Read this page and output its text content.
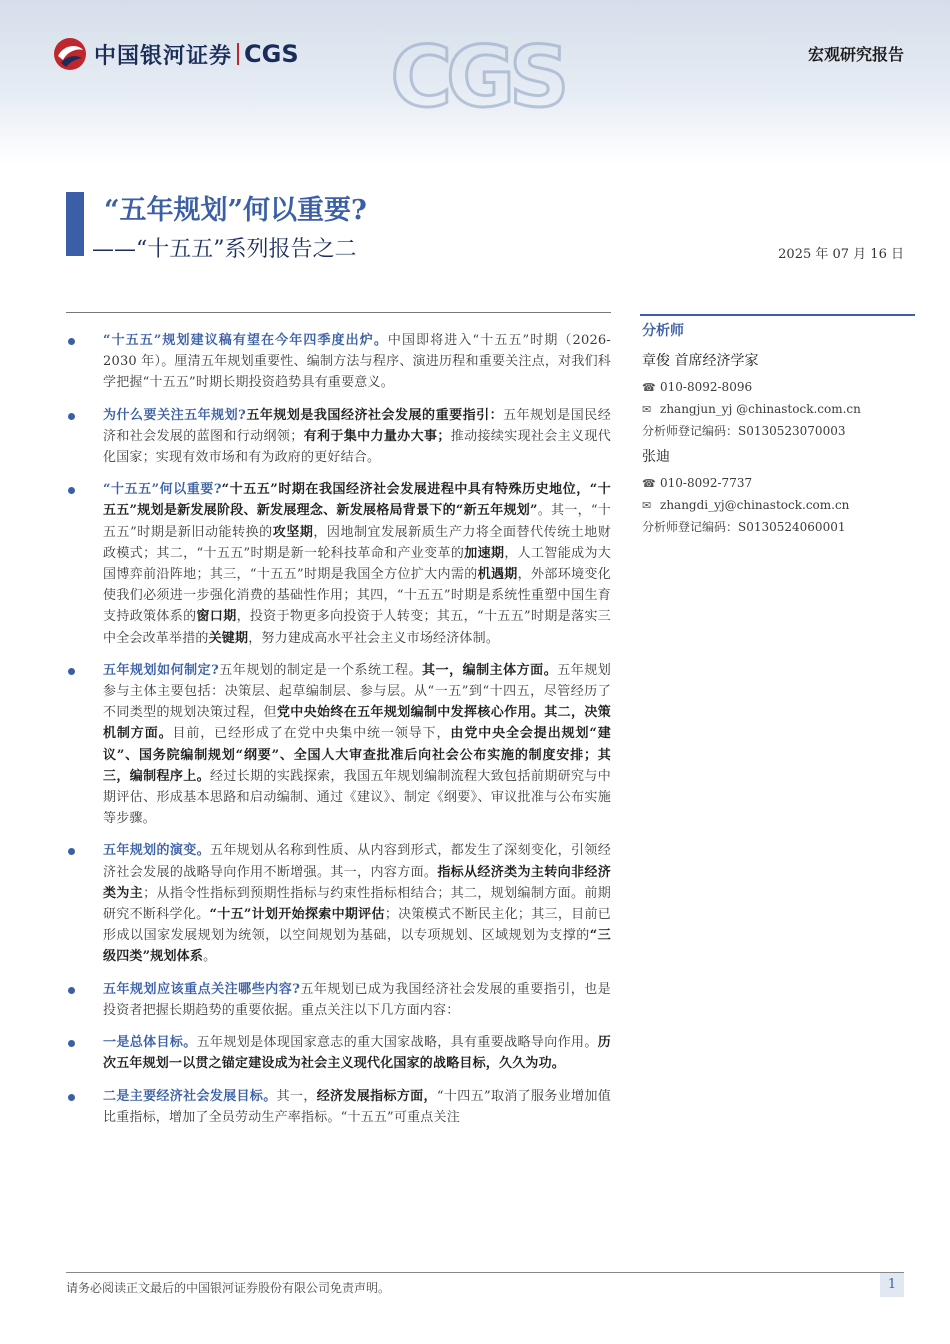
中国银河证券 CGS CGS	宏观研究报告
“五年规划”何以重要?
——“十五五”系列报告之二	2025 年 07 月 16 日
“十五五”规划建议稿有望在今年四季度出炉。中国即将进入“十五五”时期（2026-2030 年）。厘清五年规划重要性、编制方法与程序、演进历程和重要关注点，对我们科学把握“十五五”时期长期投资趋势具有重要意义。
为什么要关注五年规划?五年规划是我国经济社会发展的重要指引：五年规划是国民经济和社会发展的蓝图和行动纲领；有利于集中力量办大事；推动接续实现社会主义现代化国家；实现有效市场和有为政府的更好结合。
“十五五”何以重要?“十五五”时期在我国经济社会发展进程中具有特殊历史地位，“十五五”规划是新发展阶段、新发展理念、新发展格局背景下的“新五年规划”。其一，“十五五”时期是新旧动能转换的攻坚期，因地制宜发展新质生产力将全面替代传统土地财政模式；其二，“十五五”时期是新一轮科技革命和产业变革的加速期，人工智能成为大国博弈前沿阵地；其三，“十五五”时期是我国全方位扩大内需的机遇期，外部环境变化使我们必须进一步强化消费的基础性作用；其四，“十五五”时期是系统性重塑中国生育支持政策体系的窗口期，投资于物更多向投资于人转变；其五，“十五五”时期是落实三中全会改革举措的关键期，努力建成高水平社会主义市场经济体制。
五年规划如何制定?五年规划的制定是一个系统工程。其一，编制主体方面。五年规划参与主体主要包括：决策层、起草编制层、参与层。从“一五”到“十四五，尽管经历了不同类型的规划决策过程，但党中央始终在五年规划编制中发挥核心作用。其二，决策机制方面。目前，已经形成了在党中央集中统一领导下，由党中央全会提出规划“建议”、国务院编制规划“纲要”、全国人大审查批准后向社会公布实施的制度安排；其三，编制程序上。经过长期的实践探索，我国五年规划编制流程大致包括前期研究与中期评估、形成基本思路和启动编制、通过《建议》、制定《纲要》、审议批准与公布实施等步骤。
五年规划的演变。五年规划从名称到性质、从内容到形式，都发生了深刻变化，引领经济社会发展的战略导向作用不断增强。其一，内容方面。指标从经济类为主转向非经济类为主；从指令性指标到预期性指标与约束性指标相结合；其二，规划编制方面。前期研究不断科学化。“十五”计划开始探索中期评估；决策模式不断民主化；其三，目前已形成以国家发展规划为统领，以空间规划为基础，以专项规划、区域规划为支撑的“三级四类”规划体系。
五年规划应该重点关注哪些内容?五年规划已成为我国经济社会发展的重要指引，也是投资者把握长期趋势的重要依据。重点关注以下几方面内容：
一是总体目标。五年规划是体现国家意志的重大国家战略，具有重要战略导向作用。历次五年规划一以贯之锚定建设成为社会主义现代化国家的战略目标，久久为功。
二是主要经济社会发展目标。其一，经济发展指标方面，“十四五”取消了服务业增加值比重指标，增加了全员劳动生产率指标。“十五五”可重点关注
分析师
章俊 首席经济学家
☎ 010-8092-8096
✉ zhangjun_yj @chinastock.com.cn
分析师登记编码：S0130523070003
张迪
☎ 010-8092-7737
✉ zhangdi_yj@chinastock.com.cn
分析师登记编码：S0130524060001
请务必阅读正文最后的中国银河证券股份有限公司免责声明。	1
